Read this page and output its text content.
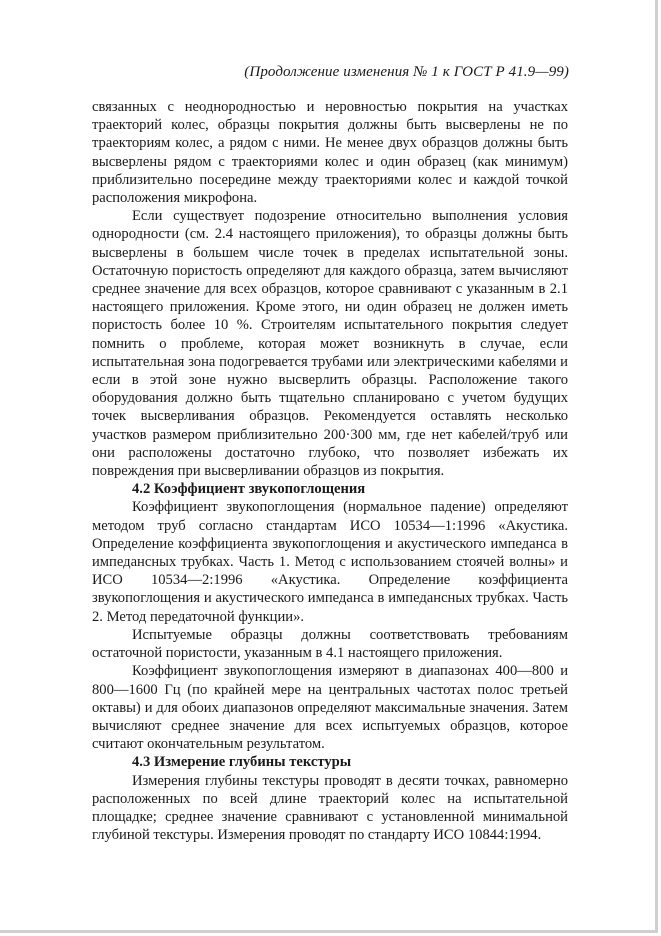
(Продолжение изменения № 1 к ГОСТ Р 41.9—99)

связанных с неоднородностью и неровностью покрытия на участках траекторий колес, образцы покрытия должны быть высверлены не по траекториям колес, а рядом с ними. Не менее двух образцов должны быть высверлены рядом с траекториями колес и один образец (как минимум) приблизительно посередине между траекториями колес и каждой точкой расположения микрофона.

Если существует подозрение относительно выполнения условия однородности (см. 2.4 настоящего приложения), то образцы должны быть высверлены в большем числе точек в пределах испытательной зоны. Остаточную пористость определяют для каждого образца, затем вычисляют среднее значение для всех образцов, которое сравнивают с указанным в 2.1 настоящего приложения. Кроме этого, ни один образец не должен иметь пористость более 10 %. Строителям испытательного покрытия следует помнить о проблеме, которая может возникнуть в случае, если испытательная зона подогревается трубами или электрическими кабелями и если в этой зоне нужно высверлить образцы. Расположение такого оборудования должно быть тщательно спланировано с учетом будущих точек высверливания образцов. Рекомендуется оставлять несколько участков размером приблизительно 200·300 мм, где нет кабелей/труб или они расположены достаточно глубоко, что позволяет избежать их повреждения при высверливании образцов из покрытия.

4.2 Коэффициент звукопоглощения

Коэффициент звукопоглощения (нормальное падение) определяют методом труб согласно стандартам ИСО 10534—1:1996 «Акустика. Определение коэффициента звукопоглощения и акустического импеданса в импедансных трубках. Часть 1. Метод с использованием стоячей волны» и ИСО 10534—2:1996 «Акустика. Определение коэффициента звукопоглощения и акустического импеданса в импедансных трубках. Часть 2. Метод передаточной функции».

Испытуемые образцы должны соответствовать требованиям остаточной пористости, указанным в 4.1 настоящего приложения.

Коэффициент звукопоглощения измеряют в диапазонах 400—800 и 800—1600 Гц (по крайней мере на центральных частотах полос третьей октавы) и для обоих диапазонов определяют максимальные значения. Затем вычисляют среднее значение для всех испытуемых образцов, которое считают окончательным результатом.

4.3 Измерение глубины текстуры

Измерения глубины текстуры проводят в десяти точках, равномерно расположенных по всей длине траекторий колес на испытательной площадке; среднее значение сравнивают с установленной минимальной глубиной текстуры. Измерения проводят по стандарту ИСО 10844:1994.
